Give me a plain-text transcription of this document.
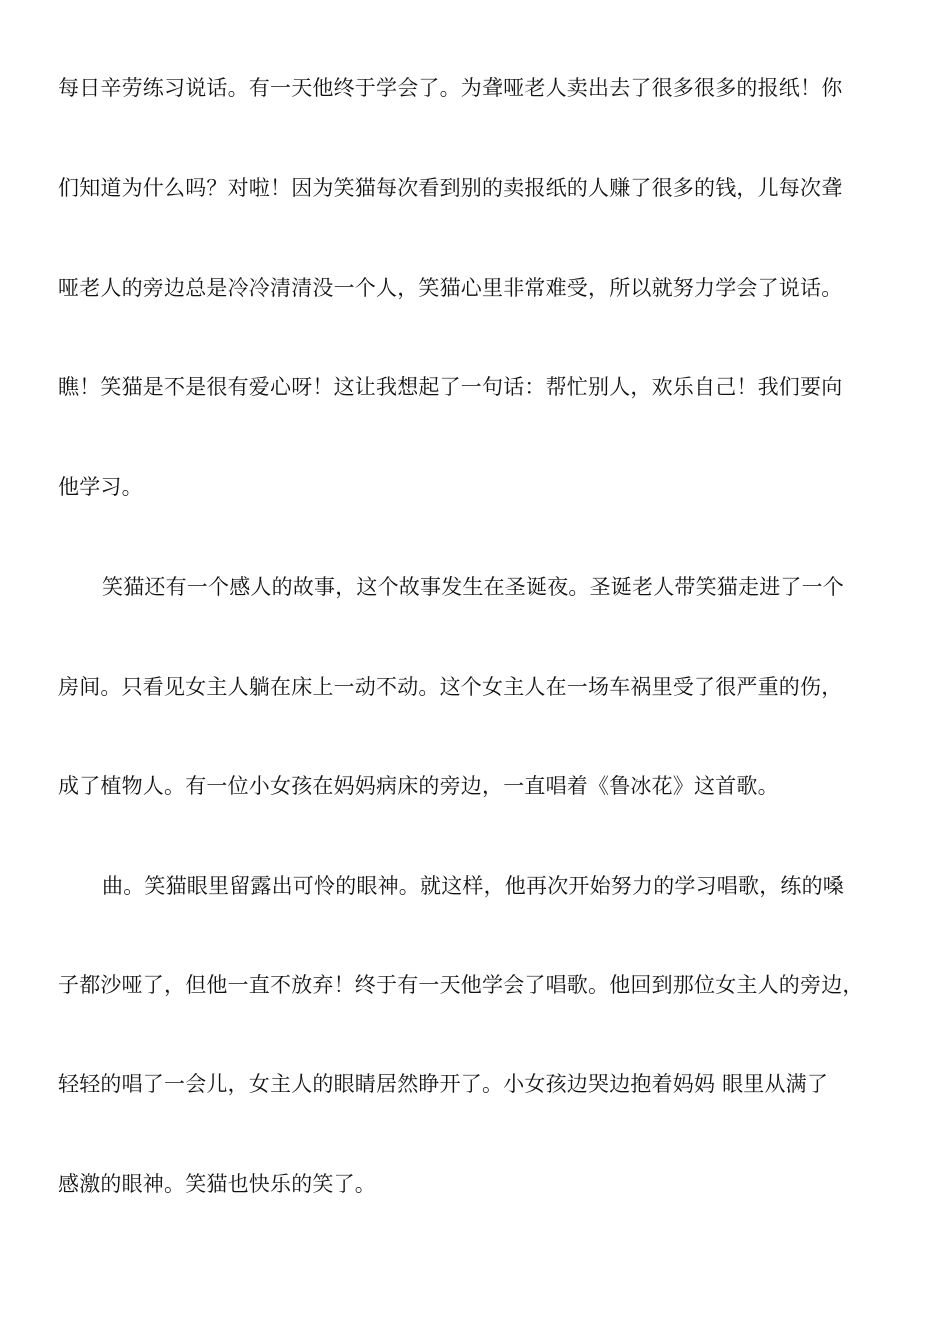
每日辛劳练习说话。有一天他终于学会了。为聋哑老人卖出去了很多很多的报纸！你
们知道为什么吗？对啦！因为笑猫每次看到别的卖报纸的人赚了很多的钱，儿每次聋
哑老人的旁边总是冷冷清清没一个人，笑猫心里非常难受，所以就努力学会了说话。
瞧！笑猫是不是很有爱心呀！这让我想起了一句话：帮忙别人，欢乐自己！我们要向
他学习。
笑猫还有一个感人的故事，这个故事发生在圣诞夜。圣诞老人带笑猫走进了一个
房间。只看见女主人躺在床上一动不动。这个女主人在一场车祸里受了很严重的伤，
成了植物人。有一位小女孩在妈妈病床的旁边，一直唱着《鲁冰花》这首歌。
曲。笑猫眼里留露出可怜的眼神。就这样，他再次开始努力的学习唱歌，练的嗓
子都沙哑了，但他一直不放弃！终于有一天他学会了唱歌。他回到那位女主人的旁边，
轻轻的唱了一会儿，女主人的眼睛居然睁开了。小女孩边哭边抱着妈妈 眼里从满了
感激的眼神。笑猫也快乐的笑了。
